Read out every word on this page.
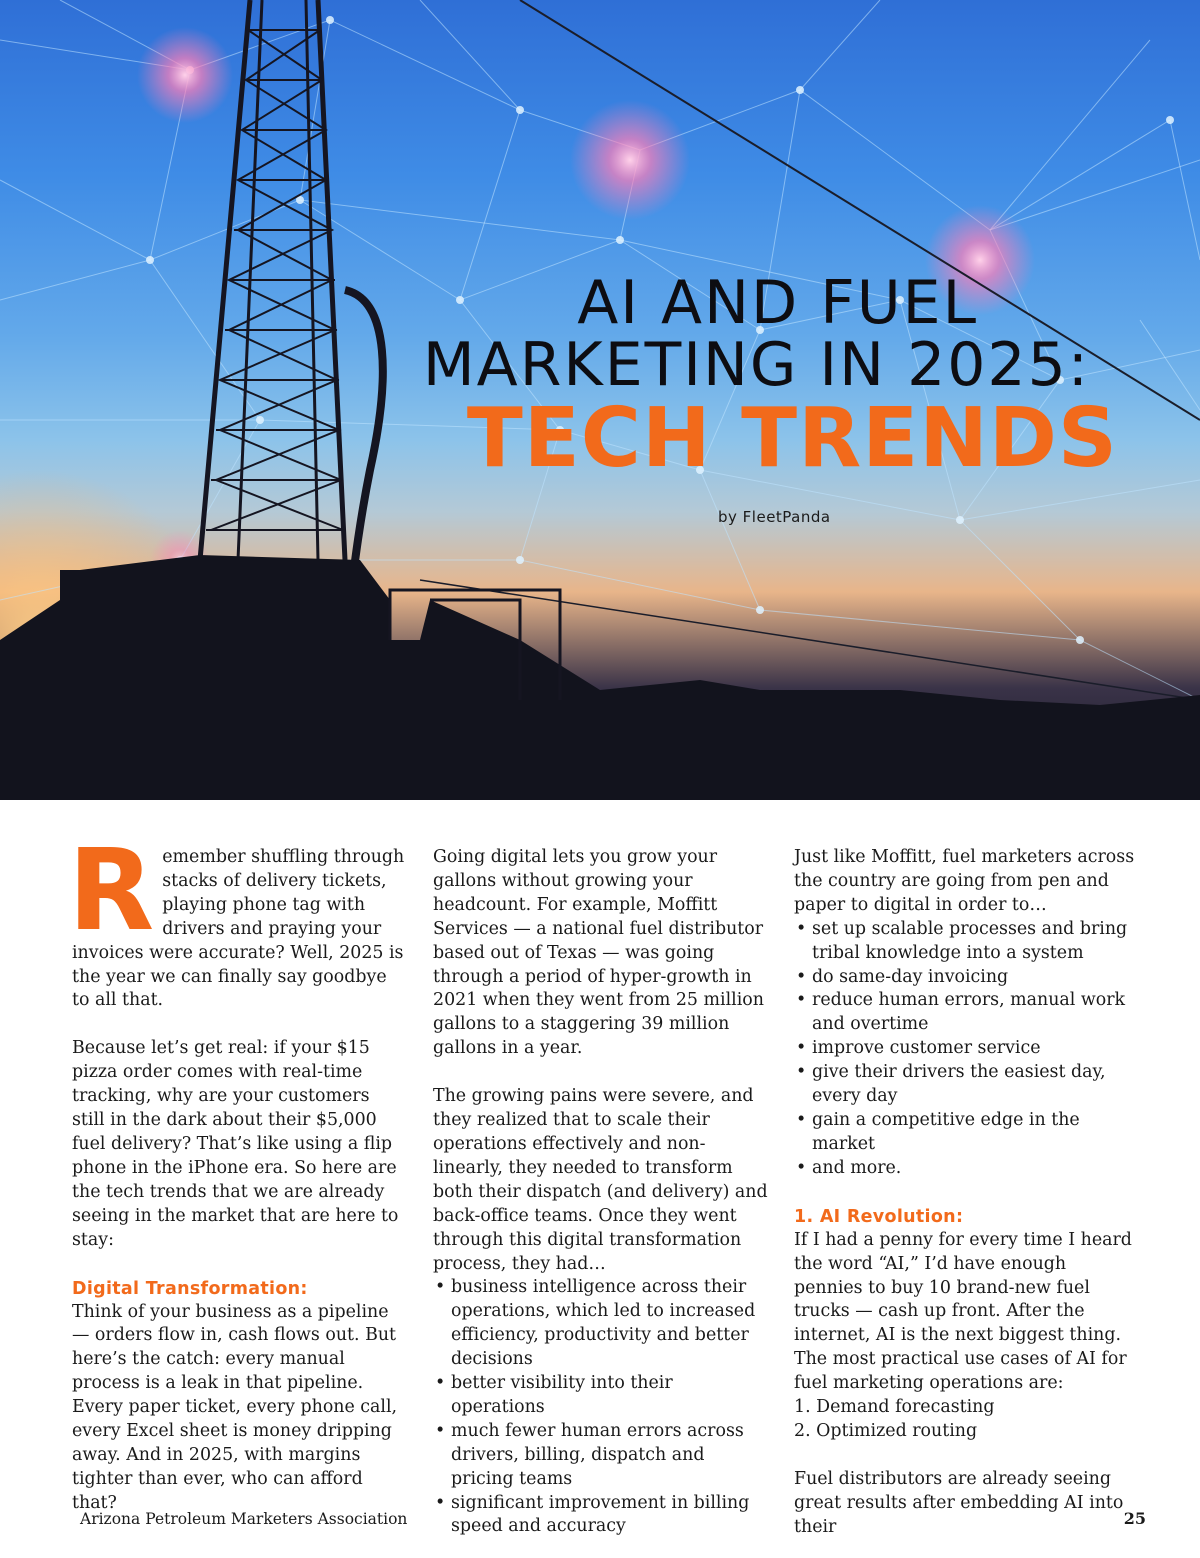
AI AND FUEL

MARKETING IN 2025:

TECH TRENDS

by FleetPanda

Remember shuffling through stacks of delivery tickets, playing phone tag with drivers and praying your invoices were accurate? Well, 2025 is the year we can finally say goodbye to all that.

Because let’s get real: if your $15 pizza order comes with real-time tracking, why are your customers still in the dark about their $5,000 fuel delivery? That’s like using a flip phone in the iPhone era. So here are the tech trends that we are already seeing in the market that are here to stay:

Digital Transformation:

Think of your business as a pipeline — orders flow in, cash flows out. But here’s the catch: every manual process is a leak in that pipeline. Every paper ticket, every phone call, every Excel sheet is money dripping away. And in 2025, with margins tighter than ever, who can afford that?

Going digital lets you grow your gallons without growing your headcount. For example, Moffitt Services — a national fuel distributor based out of Texas — was going through a period of hyper-growth in 2021 when they went from 25 million gallons to a staggering 39 million gallons in a year.

The growing pains were severe, and they realized that to scale their operations effectively and non-linearly, they needed to transform both their dispatch (and delivery) and back-office teams. Once they went through this digital transformation process, they had…

• business intelligence across their operations, which led to increased efficiency, productivity and better decisions
• better visibility into their operations
• much fewer human errors across drivers, billing, dispatch and pricing teams
• significant improvement in billing speed and accuracy

Just like Moffitt, fuel marketers across the country are going from pen and paper to digital in order to…

• set up scalable processes and bring tribal knowledge into a system
• do same-day invoicing
• reduce human errors, manual work and overtime
• improve customer service
• give their drivers the easiest day, every day
• gain a competitive edge in the market
• and more.

1. AI Revolution:

If I had a penny for every time I heard the word “AI,” I’d have enough pennies to buy 10 brand-new fuel trucks — cash up front. After the internet, AI is the next biggest thing. The most practical use cases of AI for fuel marketing operations are:

1. Demand forecasting

2. Optimized routing

Fuel distributors are already seeing great results after embedding AI into their

Arizona Petroleum Marketers Association	25
